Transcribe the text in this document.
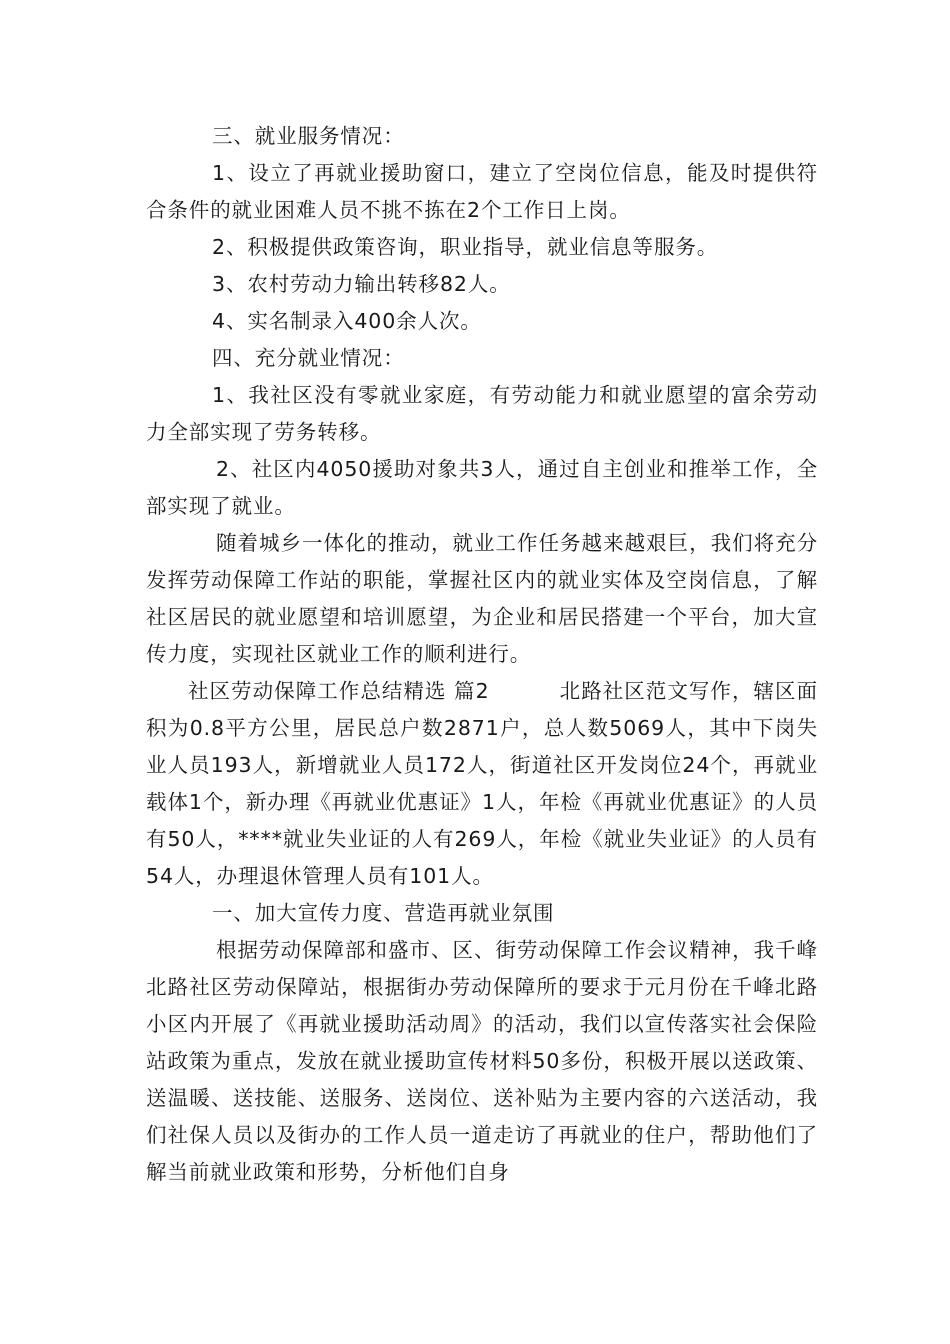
三、就业服务情况：

1、设立了再就业援助窗口，建立了空岗位信息，能及时提供符合条件的就业困难人员不挑不拣在2个工作日上岗。

2、积极提供政策咨询，职业指导，就业信息等服务。

3、农村劳动力输出转移82人。

4、实名制录入400余人次。

四、充分就业情况：

1、我社区没有零就业家庭，有劳动能力和就业愿望的富余劳动力全部实现了劳务转移。

2、社区内4050援助对象共3人，通过自主创业和推举工作，全部实现了就业。

随着城乡一体化的推动，就业工作任务越来越艰巨，我们将充分发挥劳动保障工作站的职能，掌握社区内的就业实体及空岗信息，了解社区居民的就业愿望和培训愿望，为企业和居民搭建一个平台，加大宣传力度，实现社区就业工作的顺利进行。

社区劳动保障工作总结精选 篇2	北路社区范文写作，辖区面积为0.8平方公里，居民总户数2871户，总人数5069人，其中下岗失业人员193人，新增就业人员172人，街道社区开发岗位24个，再就业载体1个，新办理《再就业优惠证》1人，年检《再就业优惠证》的人员有50人，****就业失业证的人有269人，年检《就业失业证》的人员有54人，办理退休管理人员有101人。

一、加大宣传力度、营造再就业氛围

根据劳动保障部和盛市、区、街劳动保障工作会议精神，我千峰北路社区劳动保障站，根据街办劳动保障所的要求于元月份在千峰北路小区内开展了《再就业援助活动周》的活动，我们以宣传落实社会保险站政策为重点，发放在就业援助宣传材料50多份，积极开展以送政策、送温暖、送技能、送服务、送岗位、送补贴为主要内容的六送活动，我们社保人员以及街办的工作人员一道走访了再就业的住户，帮助他们了解当前就业政策和形势，分析他们自身
